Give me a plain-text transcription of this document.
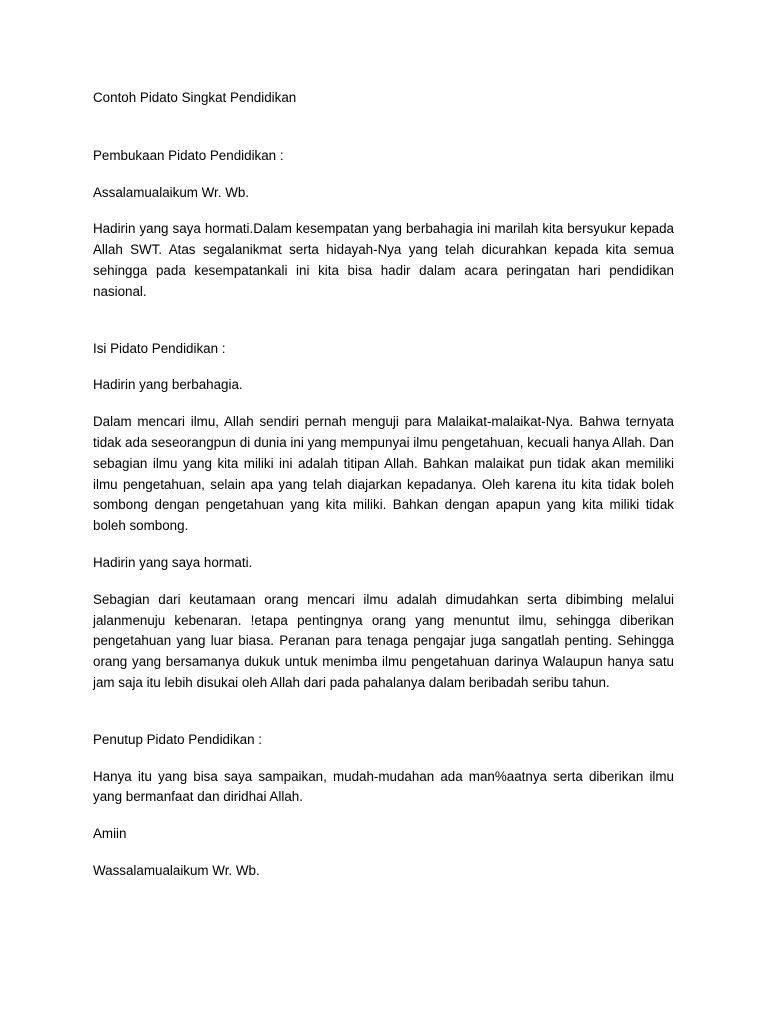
Contoh Pidato Singkat Pendidikan

Pembukaan Pidato Pendidikan :

Assalamualaikum Wr. Wb.

Hadirin yang saya hormati.Dalam kesempatan yang berbahagia ini marilah kita bersyukur kepada Allah SWT. Atas segalanikmat serta hidayah-Nya yang telah dicurahkan kepada kita semua sehingga pada kesempatankali ini kita bisa hadir dalam acara peringatan hari pendidikan nasional.

Isi Pidato Pendidikan :

Hadirin yang berbahagia.

Dalam mencari ilmu, Allah sendiri pernah menguji para Malaikat-malaikat-Nya. Bahwa ternyata tidak ada seseorangpun di dunia ini yang mempunyai ilmu pengetahuan, kecuali hanya Allah. Dan sebagian ilmu yang kita miliki ini adalah titipan Allah. Bahkan malaikat pun tidak akan memiliki ilmu pengetahuan, selain apa yang telah diajarkan kepadanya. Oleh karena itu kita tidak boleh sombong dengan pengetahuan yang kita miliki. Bahkan dengan apapun yang kita miliki tidak boleh sombong.

Hadirin yang saya hormati.

Sebagian dari keutamaan orang mencari ilmu adalah dimudahkan serta dibimbing melalui jalanmenuju kebenaran. !etapa pentingnya orang yang menuntut ilmu, sehingga diberikan pengetahuan yang luar biasa. Peranan para tenaga pengajar juga sangatlah penting. Sehingga orang yang bersamanya dukuk untuk menimba ilmu pengetahuan darinya Walaupun hanya satu jam saja itu lebih disukai oleh Allah dari pada pahalanya dalam beribadah seribu tahun.

Penutup Pidato Pendidikan :

Hanya itu yang bisa saya sampaikan, mudah-mudahan ada man%aatnya serta diberikan ilmu yang bermanfaat dan diridhai Allah.

Amiin

Wassalamualaikum Wr. Wb.
